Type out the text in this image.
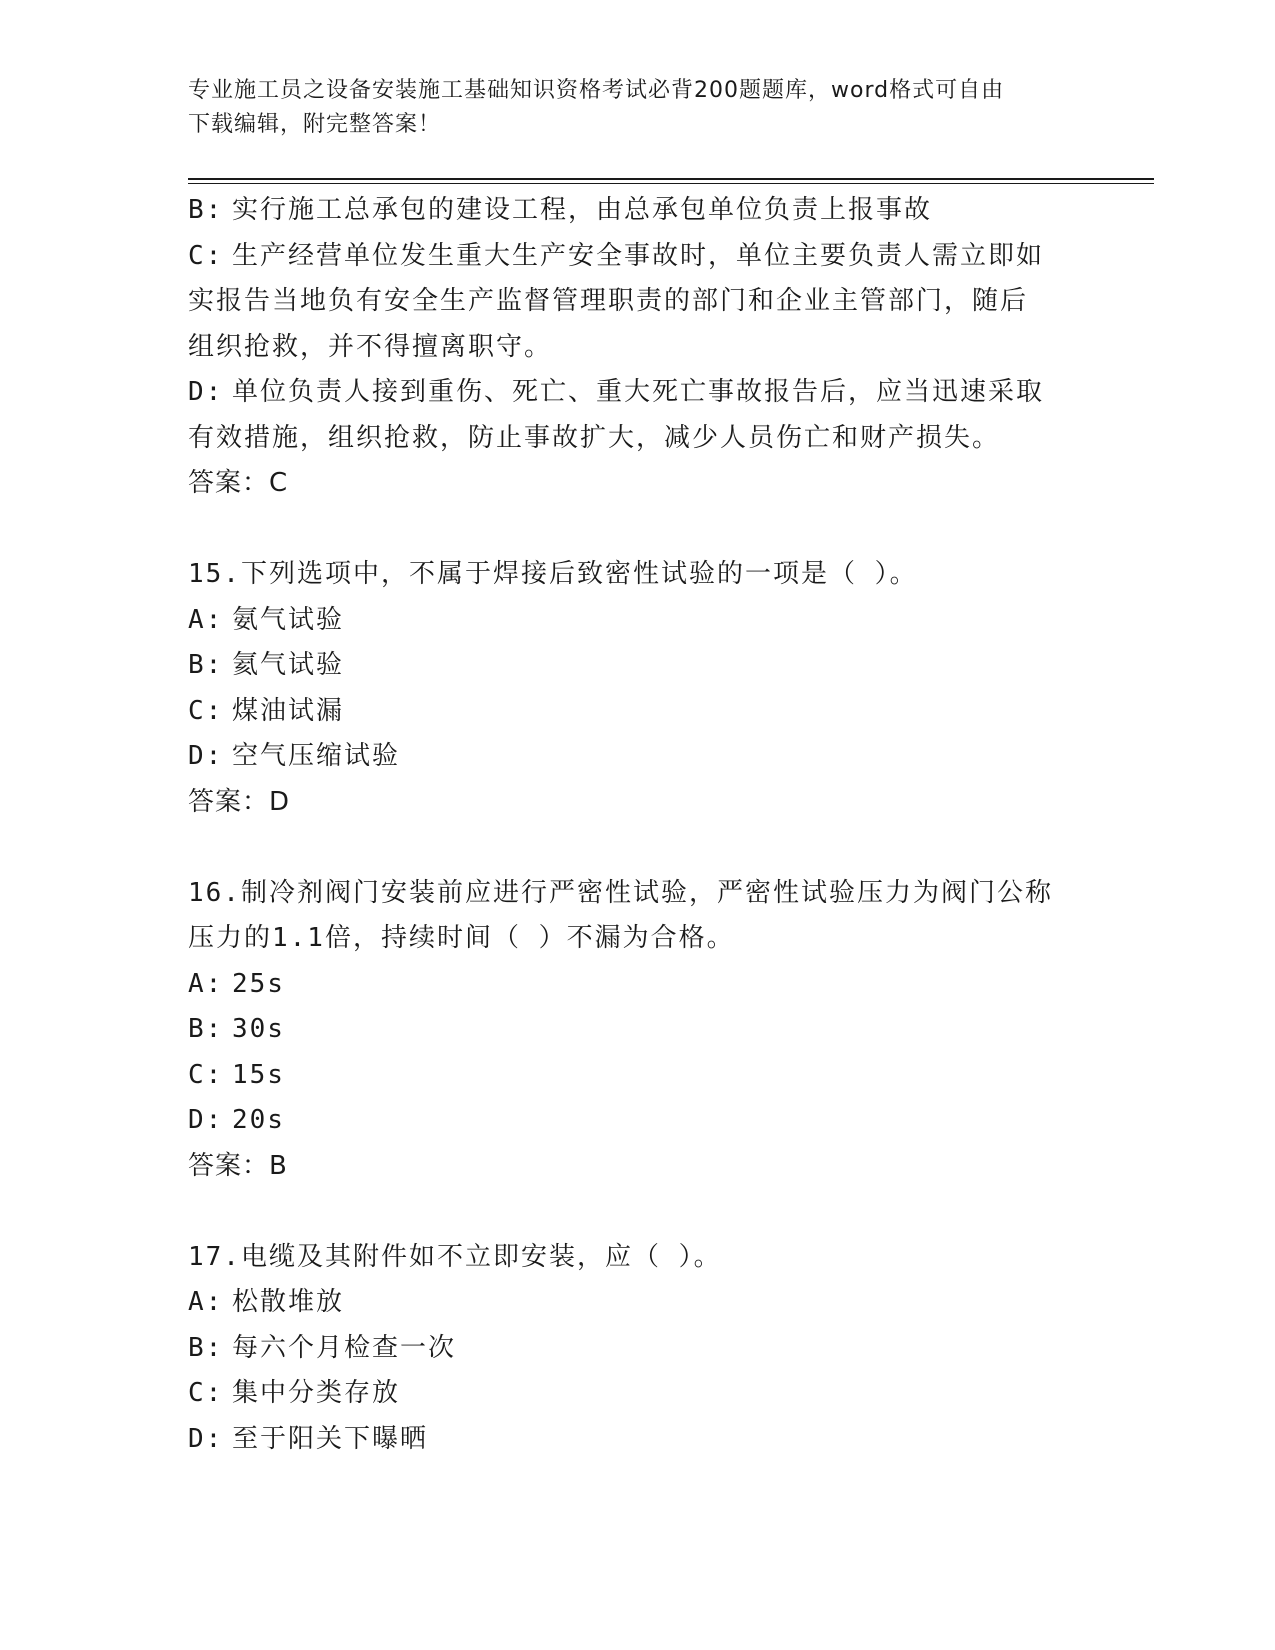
专业施工员之设备安装施工基础知识资格考试必背200题题库，word格式可自由
下载编辑，附完整答案！
B: 实行施工总承包的建设工程，由总承包单位负责上报事故
C: 生产经营单位发生重大生产安全事故时，单位主要负责人需立即如
实报告当地负有安全生产监督管理职责的部门和企业主管部门，随后
组织抢救，并不得擅离职守。
D: 单位负责人接到重伤、死亡、重大死亡事故报告后，应当迅速采取
有效措施，组织抢救，防止事故扩大，减少人员伤亡和财产损失。
答案：C
15.下列选项中，不属于焊接后致密性试验的一项是（ ）。
A: 氨气试验
B: 氦气试验
C: 煤油试漏
D: 空气压缩试验
答案：D
16.制冷剂阀门安装前应进行严密性试验，严密性试验压力为阀门公称
压力的1.1倍，持续时间（ ）不漏为合格。
A: 25s
B: 30s
C: 15s
D: 20s
答案：B
17.电缆及其附件如不立即安装，应（ ）。
A: 松散堆放
B: 每六个月检查一次
C: 集中分类存放
D: 至于阳关下曝晒
